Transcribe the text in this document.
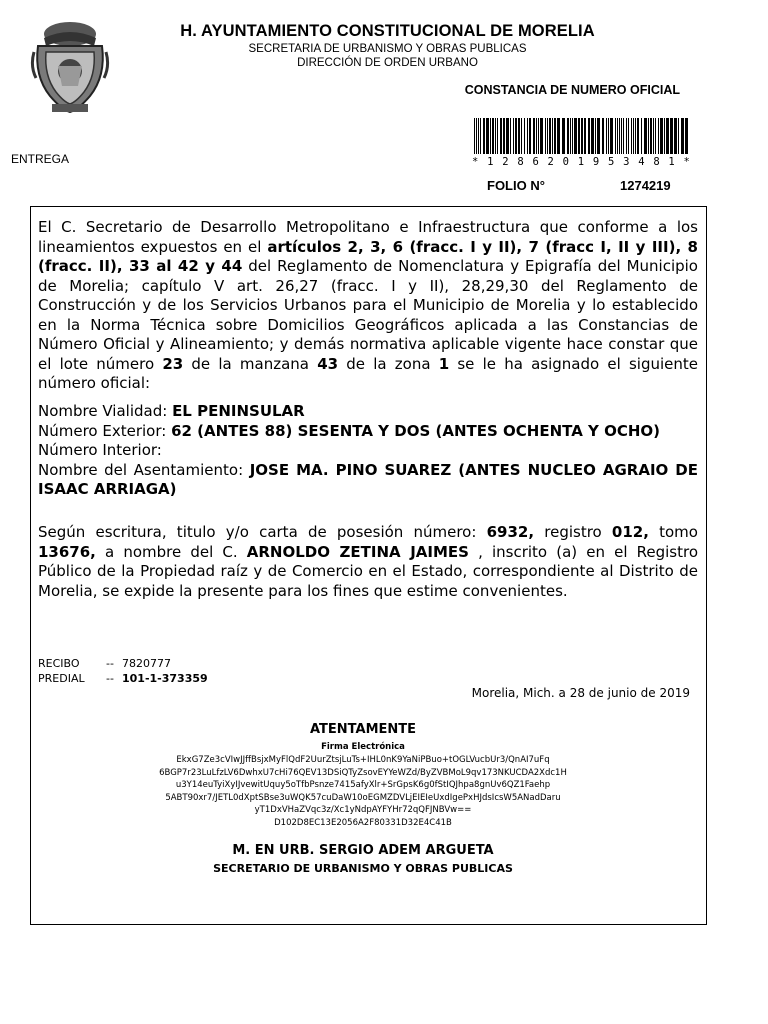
H. AYUNTAMIENTO CONSTITUCIONAL DE MORELIA
SECRETARIA DE URBANISMO Y OBRAS PUBLICAS
DIRECCIÓN DE ORDEN URBANO
CONSTANCIA DE NUMERO OFICIAL
* 1 2 8 6 2 0 1 9 5 3 4 8 1 *
ENTREGA
FOLIO N°	1274219
El C. Secretario de Desarrollo Metropolitano e Infraestructura que conforme a los lineamientos expuestos en el artículos 2, 3, 6 (fracc. I y II), 7 (fracc I, II y III), 8 (fracc. II), 33 al 42 y 44 del Reglamento de Nomenclatura y Epigrafía del Municipio de Morelia; capítulo V art. 26,27 (fracc. I y II), 28,29,30 del Reglamento de Construcción y de los Servicios Urbanos para el Municipio de Morelia y lo establecido en la Norma Técnica sobre Domicilios Geográficos aplicada a las Constancias de Número Oficial y Alineamiento; y demás normativa aplicable vigente hace constar que el lote número 23 de la manzana 43 de la zona 1 se le ha asignado el siguiente número oficial:
Nombre Vialidad: EL PENINSULAR
Número Exterior: 62 (ANTES 88) SESENTA Y DOS (ANTES OCHENTA Y OCHO)
Número Interior:
Nombre del Asentamiento: JOSE MA. PINO SUAREZ (ANTES NUCLEO AGRAIO DE ISAAC ARRIAGA)
Según escritura, titulo y/o carta de posesión número: 6932, registro 012, tomo 13676, a nombre del C. ARNOLDO ZETINA JAIMES , inscrito (a) en el Registro Público de la Propiedad raíz y de Comercio en el Estado, correspondiente al Distrito de Morelia, se expide la presente para los fines que estime convenientes.
RECIBO -- 7820777
PREDIAL -- 101-1-373359
Morelia, Mich. a 28 de junio de 2019
ATENTAMENTE
Firma Electrónica
EkxG7Ze3cVIwJJffBsjxMyFlQdF2UurZtsjLuTs+IHL0nK9YaNiPBuo+tOGLVucbUr3/QnAI7uFq
6BGP7r23LuLfzLV6DwhxU7cHi76QEV13DSiQTyZsovEYYeWZd/ByZVBMoL9qv173NKUCDA2Xdc1H
u3Y14euTyiXyIJvewitUquy5oTfbPsnze7415afyXlr+SrGpsK6g0fStIQJhpa8gnUv6QZ1Faehp
5ABT90xr7/JETL0dXptSBse3uWQK57cuDaW10oEGMZDVLjEIEIeUxdIgePxHJdsIcsW5ANadDaru
yT1DxVHaZVqc3z/Xc1yNdpAYFYHr72qQFJNBVw==
D102D8EC13E2056A2F80331D32E4C41B
M. EN URB. SERGIO ADEM ARGUETA
SECRETARIO DE URBANISMO Y OBRAS PUBLICAS
